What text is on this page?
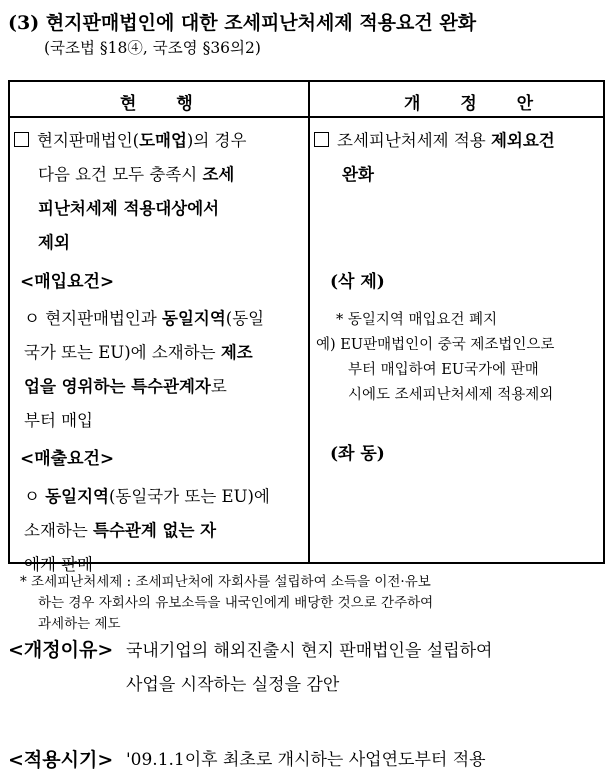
(3) 현지판매법인에 대한 조세피난처세제 적용요건 완화
(국조법 §18④, 국조영 §36의2)
현 행	개 정 안

현지판매법인(도매업)의 경우

다음 요건 모두 충족시 조세

피난처세제 적용대상에서

제외

<매입요건>

ㅇ 현지판매법인과 동일지역(동일

국가 또는 EU)에 소재하는 제조

업을 영위하는 특수관계자로

부터 매입

<매출요건>

ㅇ 동일지역(동일국가 또는 EU)에

소재하는 특수관계 없는 자

에게 판매

조세피난처세제 적용 제외요건

완화

(삭 제)
* 동일지역 매입요건 폐지

예) EU판매법인이 중국 제조법인으로

부터 매입하여 EU국가에 판매

시에도 조세피난처세제 적용제외

(좌 동)
* 조세피난처세제 : 조세피난처에 자회사를 설립하여 소득을 이전·유보
하는 경우 자회사의 유보소득을 내국인에게 배당한 것으로 간주하여
과세하는 제도
<개정이유> 국내기업의 해외진출시 현지 판매법인을 설립하여
사업을 시작하는 실정을 감안
<적용시기> '09.1.1이후 최초로 개시하는 사업연도부터 적용
